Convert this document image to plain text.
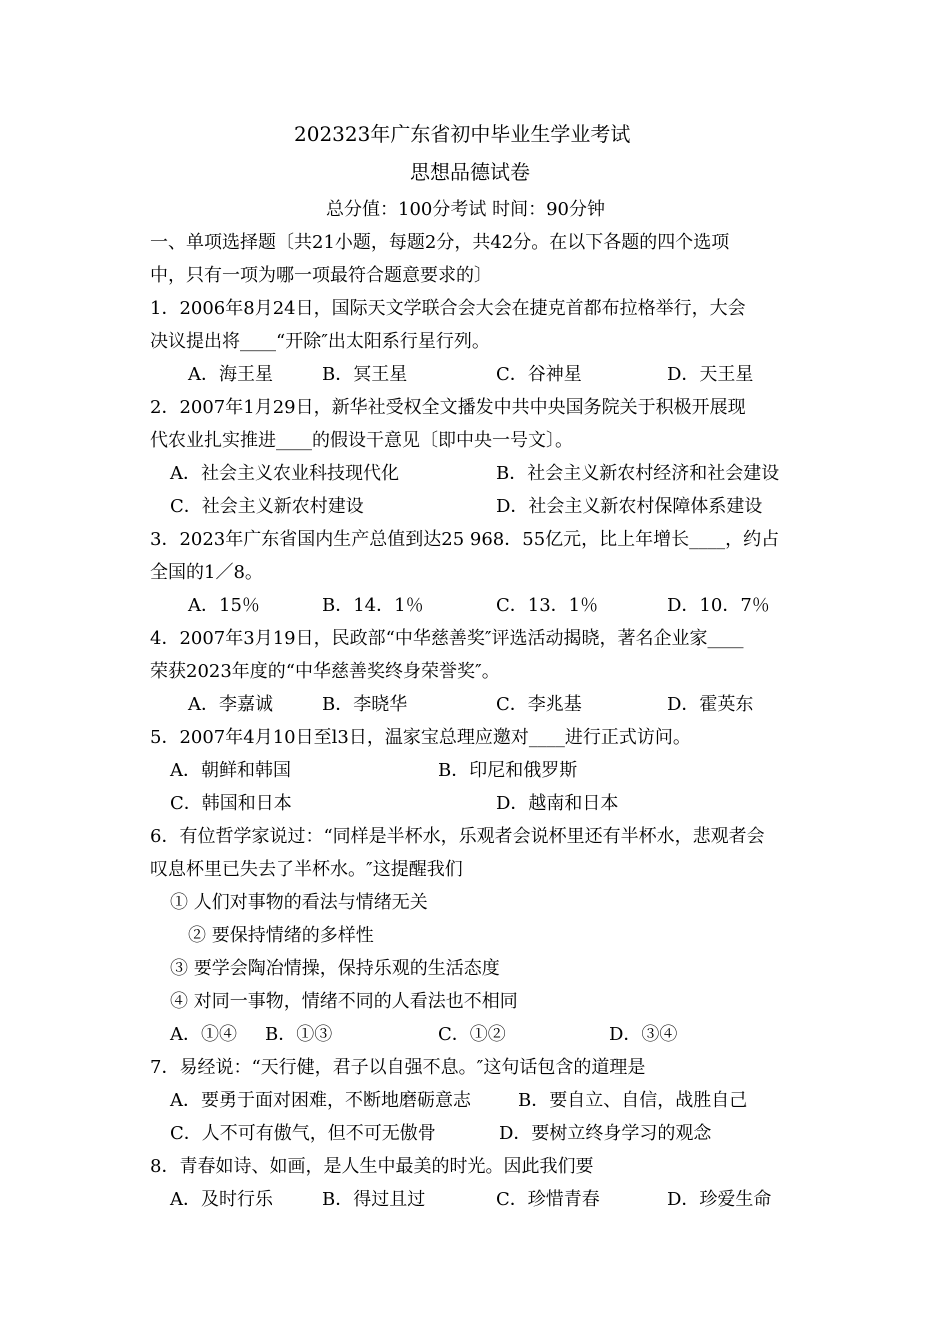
202323年广东省初中毕业生学业考试
思想品德试卷
总分值：100分考试 时间：90分钟
一、单项选择题〔共21小题，每题2分，共42分。在以下各题的四个选项
中，只有一项为哪一项最符合题意要求的〕
1．2006年8月24日，国际天文学联合会大会在捷克首都布拉格举行，大会
决议提出将____“开除″出太阳系行星行列。
A．海王星	B．冥王星	C．谷神星	D．天王星
2．2007年1月29日，新华社受权全文播发中共中央国务院关于积极开展现
代农业扎实推进____的假设干意见〔即中央一号文〕。
A．社会主义农业科技现代化	B．社会主义新农村经济和社会建设
C．社会主义新农村建设	D．社会主义新农村保障体系建设
3．2023年广东省国内生产总值到达25 968．55亿元，比上年增长____，约占
全国的1／8。
A．15％	B．14．1％	C．13．1％	D．10．7％
4．2007年3月19日，民政部“中华慈善奖″评选活动揭晓，著名企业家____
荣获2023年度的“中华慈善奖终身荣誉奖″。
A．李嘉诚	B．李晓华	C．李兆基	D．霍英东
5．2007年4月10日至l3日，温家宝总理应邀对____进行正式访问。
A．朝鲜和韩国	B．印尼和俄罗斯
C．韩国和日本	D．越南和日本
6．有位哲学家说过：“同样是半杯水，乐观者会说杯里还有半杯水，悲观者会
叹息杯里已失去了半杯水。″这提醒我们
① 人们对事物的看法与情绪无关
② 要保持情绪的多样性
③ 要学会陶冶情操，保持乐观的生活态度
④ 对同一事物，情绪不同的人看法也不相同
A．①④ B．①③	C．①②	D．③④
7．易经说：“天行健，君子以自强不息。″这句话包含的道理是
A．要勇于面对困难，不断地磨砺意志	B．要自立、自信，战胜自己
C．人不可有傲气，但不可无傲骨	D．要树立终身学习的观念
8．青春如诗、如画，是人生中最美的时光。因此我们要
A．及时行乐	B．得过且过	C．珍惜青春	D．珍爱生命
